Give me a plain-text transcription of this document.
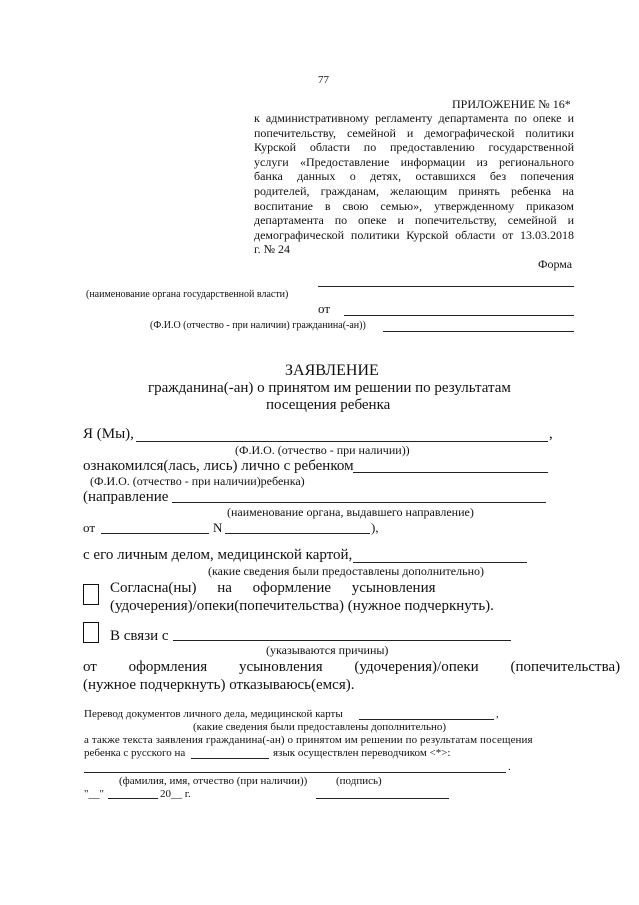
77
ПРИЛОЖЕНИЕ № 16*
к административному регламенту департамента по опеке и
попечительству, семейной и демографической политики
Курской области по предоставлению государственной
услуги «Предоставление информации из регионального
банка данных о детях, оставшихся без попечения
родителей, гражданам, желающим принять ребенка на
воспитание в свою семью», утвержденному приказом
департамента по опеке и попечительству, семейной и
демографической политики Курской области от 13.03.2018
г. № 24
Форма
(наименование органа государственной власти)
от
(Ф.И.О (отчество - при наличии) гражданина(-ан))
ЗАЯВЛЕНИЕ
гражданина(-ан) о принятом им решении по результатам
посещения ребенка
Я (Мы),	,
(Ф.И.О. (отчество - при наличии))
ознакомился(лась, лись) лично с ребенком
(Ф.И.О. (отчество - при наличии)ребенка)
(направление
(наименование органа, выдавшего направление)
от	N	),
с его личным делом, медицинской картой,
(какие сведения были предоставлены дополнительно)
Согласна(ны) на оформление усыновления
(удочерения)/опеки(попечительства) (нужное подчеркнуть).
В связи с
(указываются причины)
от оформления усыновления (удочерения)/опеки (попечительства)
(нужное подчеркнуть) отказываюсь(емся).
Перевод документов личного дела, медицинской карты	,
(какие сведения были предоставлены дополнительно)
а также текста заявления гражданина(-ан) о принятом им решении по результатам посещения
ребенка с русского на	язык осуществлен переводчиком <*>:
.
(фамилия, имя, отчество (при наличии))	(подпись)
"__"	20__ г.
